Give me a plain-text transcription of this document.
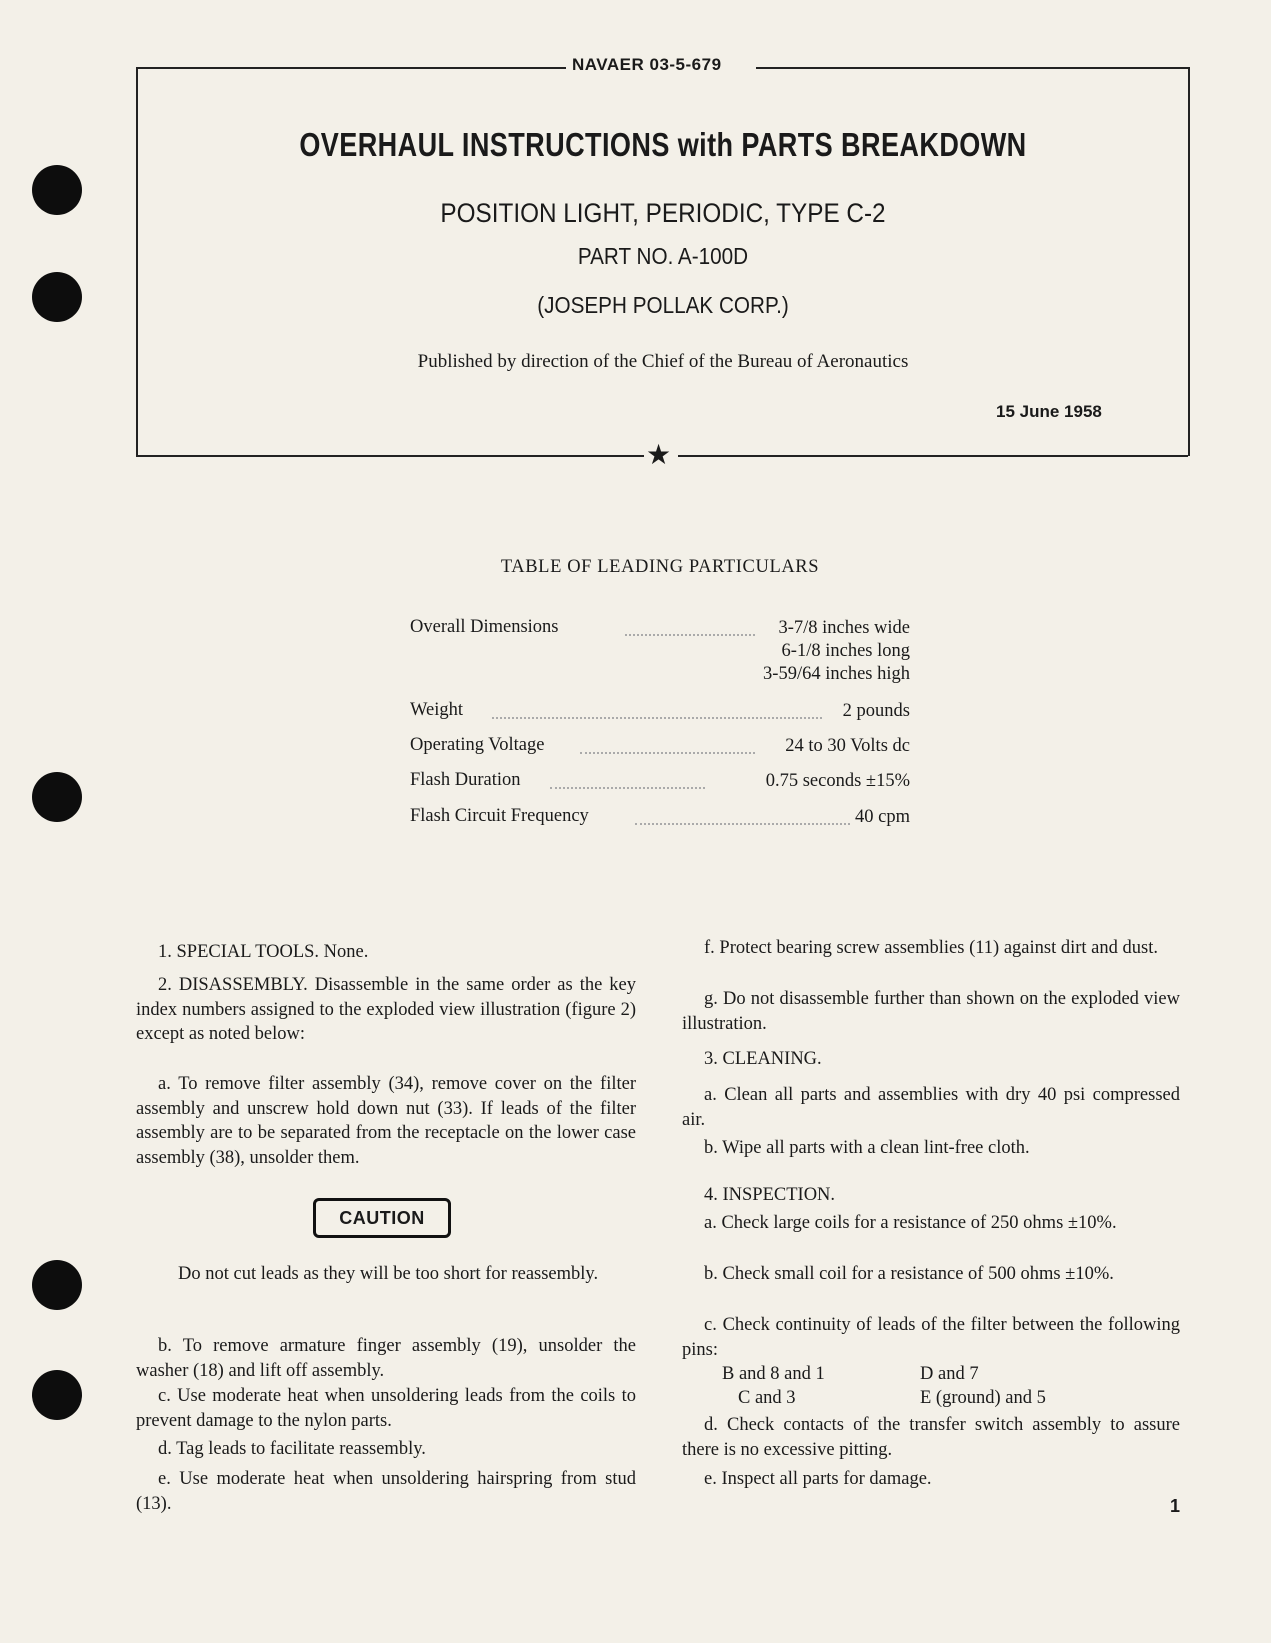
NAVAER 03-5-679
OVERHAUL INSTRUCTIONS with PARTS BREAKDOWN
POSITION LIGHT, PERIODIC, TYPE C-2
PART NO. A-100D
(JOSEPH POLLAK CORP.)
Published by direction of the Chief of the Bureau of Aeronautics
15 June 1958
★
TABLE OF LEADING PARTICULARS
Overall Dimensions	3-7/8 inches wide
6-1/8 inches long
3-59/64 inches high
Weight	2 pounds
Operating Voltage	24 to 30 Volts dc
Flash Duration	0.75 seconds ±15%
Flash Circuit Frequency	40 cpm

1. SPECIAL TOOLS. None.

2. DISASSEMBLY. Disassemble in the same order as the key index numbers assigned to the exploded view illustration (figure 2) except as noted below:

a. To remove filter assembly (34), remove cover on the filter assembly and unscrew hold down nut (33). If leads of the filter assembly are to be separated from the receptacle on the lower case assembly (38), unsolder them.

Do not cut leads as they will be too short for reassembly.

b. To remove armature finger assembly (19), unsolder the washer (18) and lift off assembly.

c. Use moderate heat when unsoldering leads from the coils to prevent damage to the nylon parts.

d. Tag leads to facilitate reassembly.

e. Use moderate heat when unsoldering hairspring from stud (13).

CAUTION

f. Protect bearing screw assemblies (11) against dirt and dust.

g. Do not disassemble further than shown on the exploded view illustration.

3. CLEANING.

a. Clean all parts and assemblies with dry 40 psi compressed air.

b. Wipe all parts with a clean lint-free cloth.

4. INSPECTION.

a. Check large coils for a resistance of 250 ohms ±10%.

b. Check small coil for a resistance of 500 ohms ±10%.

c. Check continuity of leads of the filter between the following pins:

B and 8 and 1	D and 7

C and 3	E (ground) and 5

d. Check contacts of the transfer switch assembly to assure there is no excessive pitting.

e. Inspect all parts for damage.

1
